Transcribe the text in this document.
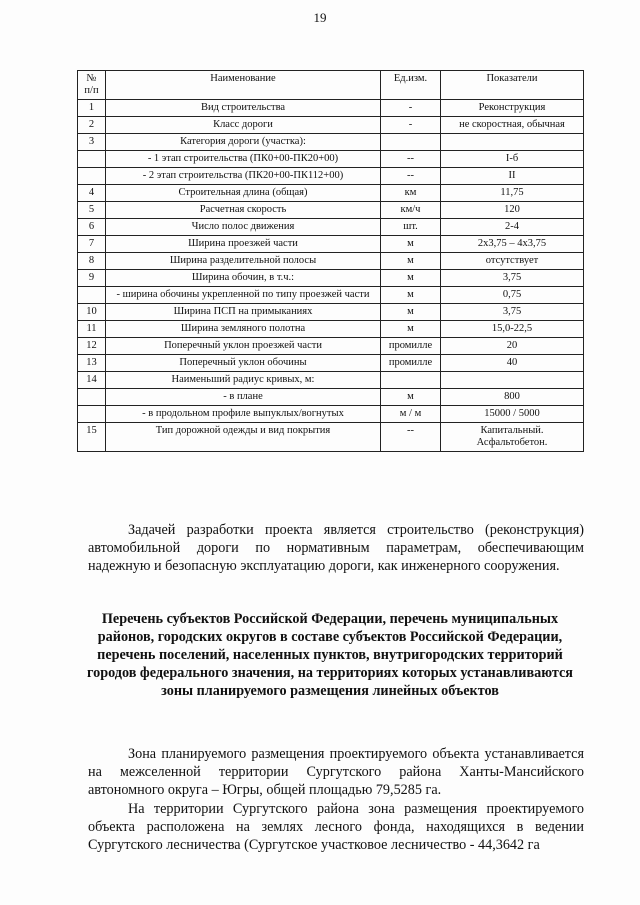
19
№
п/п	Наименование	Ед.изм.	Показатели
1	Вид строительства	-	Реконструкция
2	Класс дороги	-	не скоростная, обычная
3	Категория дороги (участка):		
	- 1 этап строительства (ПК0+00-ПК20+00)	--	I-б
	- 2 этап строительства (ПК20+00-ПК112+00)	--	II
4	Строительная длина (общая)	км	11,75
5	Расчетная скорость	км/ч	120
6	Число полос движения	шт.	2-4
7	Ширина проезжей части	м	2х3,75 – 4х3,75
8	Ширина разделительной полосы	м	отсутствует
9	Ширина обочин, в т.ч.:	м	3,75
	- ширина обочины укрепленной по типу проезжей части	м	0,75
10	Ширина ПСП на примыканиях	м	3,75
11	Ширина земляного полотна	м	15,0-22,5
12	Поперечный уклон проезжей части	промилле	20
13	Поперечный уклон обочины	промилле	40
14	Наименьший радиус кривых, м:		
	- в плане	м	800
	- в продольном профиле выпуклых/вогнутых	м / м	15000 / 5000
15	Тип дорожной одежды и вид покрытия	--	Капитальный.
Асфальтобетон.
Задачей разработки проекта является строительство (реконструкция) автомобильной дороги по нормативным параметрам, обеспечивающим надежную и безопасную эксплуатацию дороги, как инженерного сооружения.
Перечень субъектов Российской Федерации, перечень муниципальных районов, городских округов в составе субъектов Российской Федерации, перечень поселений, населенных пунктов, внутригородских территорий городов федерального значения, на территориях которых устанавливаются зоны планируемого размещения линейных объектов
Зона планируемого размещения проектируемого объекта устанавливается на межселенной территории Сургутского района Ханты-Мансийского автономного округа – Югры, общей площадью 79,5285 га.
На территории Сургутского района зона размещения проектируемого объекта расположена на землях лесного фонда, находящихся в ведении Сургутского лесничества (Сургутское участковое лесничество - 44,3642 га
